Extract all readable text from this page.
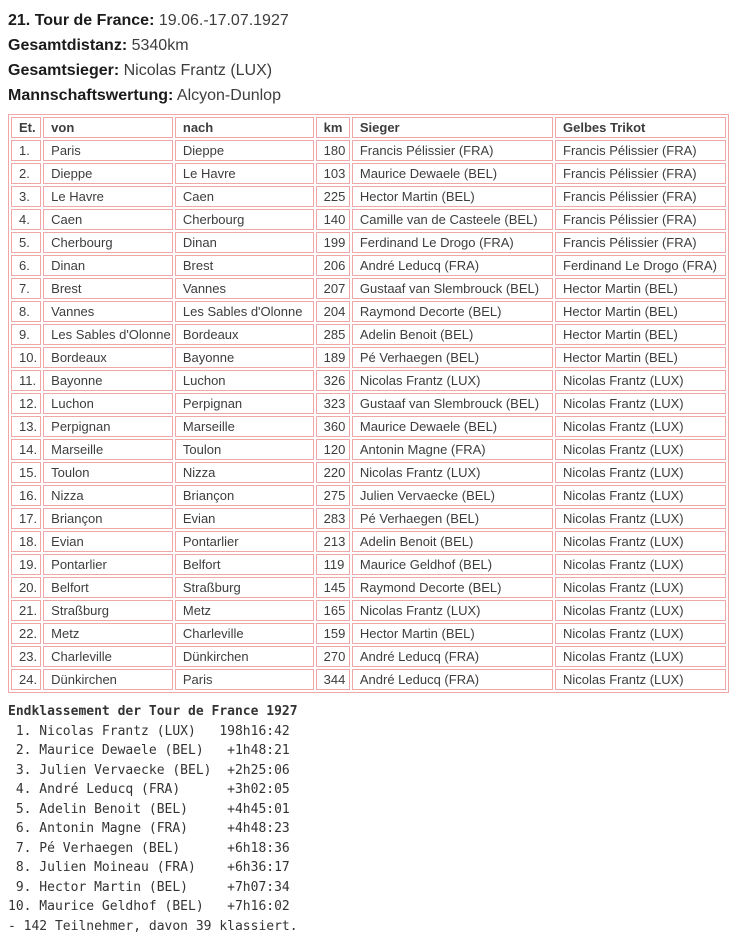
21. Tour de France: 19.06.-17.07.1927
Gesamtdistanz: 5340km
Gesamtsieger: Nicolas Frantz (LUX)
Mannschaftswertung: Alcyon-Dunlop
Et.	von	nach	km	Sieger	Gelbes Trikot
1.	Paris	Dieppe	180	Francis Pélissier (FRA)	Francis Pélissier (FRA)
2.	Dieppe	Le Havre	103	Maurice Dewaele (BEL)	Francis Pélissier (FRA)
3.	Le Havre	Caen	225	Hector Martin (BEL)	Francis Pélissier (FRA)
4.	Caen	Cherbourg	140	Camille van de Casteele (BEL)	Francis Pélissier (FRA)
5.	Cherbourg	Dinan	199	Ferdinand Le Drogo (FRA)	Francis Pélissier (FRA)
6.	Dinan	Brest	206	André Leducq (FRA)	Ferdinand Le Drogo (FRA)
7.	Brest	Vannes	207	Gustaaf van Slembrouck (BEL)	Hector Martin (BEL)
8.	Vannes	Les Sables d'Olonne	204	Raymond Decorte (BEL)	Hector Martin (BEL)
9.	Les Sables d'Olonne	Bordeaux	285	Adelin Benoit (BEL)	Hector Martin (BEL)
10.	Bordeaux	Bayonne	189	Pé Verhaegen (BEL)	Hector Martin (BEL)
11.	Bayonne	Luchon	326	Nicolas Frantz (LUX)	Nicolas Frantz (LUX)
12.	Luchon	Perpignan	323	Gustaaf van Slembrouck (BEL)	Nicolas Frantz (LUX)
13.	Perpignan	Marseille	360	Maurice Dewaele (BEL)	Nicolas Frantz (LUX)
14.	Marseille	Toulon	120	Antonin Magne (FRA)	Nicolas Frantz (LUX)
15.	Toulon	Nizza	220	Nicolas Frantz (LUX)	Nicolas Frantz (LUX)
16.	Nizza	Briançon	275	Julien Vervaecke (BEL)	Nicolas Frantz (LUX)
17.	Briançon	Evian	283	Pé Verhaegen (BEL)	Nicolas Frantz (LUX)
18.	Evian	Pontarlier	213	Adelin Benoit (BEL)	Nicolas Frantz (LUX)
19.	Pontarlier	Belfort	119	Maurice Geldhof (BEL)	Nicolas Frantz (LUX)
20.	Belfort	Straßburg	145	Raymond Decorte (BEL)	Nicolas Frantz (LUX)
21.	Straßburg	Metz	165	Nicolas Frantz (LUX)	Nicolas Frantz (LUX)
22.	Metz	Charleville	159	Hector Martin (BEL)	Nicolas Frantz (LUX)
23.	Charleville	Dünkirchen	270	André Leducq (FRA)	Nicolas Frantz (LUX)
24.	Dünkirchen	Paris	344	André Leducq (FRA)	Nicolas Frantz (LUX)
Endklassement der Tour de France 1927
1. Nicolas Frantz (LUX)   198h16:42
2. Maurice Dewaele (BEL)   +1h48:21
3. Julien Vervaecke (BEL)  +2h25:06
4. André Leducq (FRA)      +3h02:05
5. Adelin Benoit (BEL)     +4h45:01
6. Antonin Magne (FRA)     +4h48:23
7. Pé Verhaegen (BEL)      +6h18:36
8. Julien Moineau (FRA)    +6h36:17
9. Hector Martin (BEL)     +7h07:34
10. Maurice Geldhof (BEL)   +7h16:02
- 142 Teilnehmer, davon 39 klassiert.
